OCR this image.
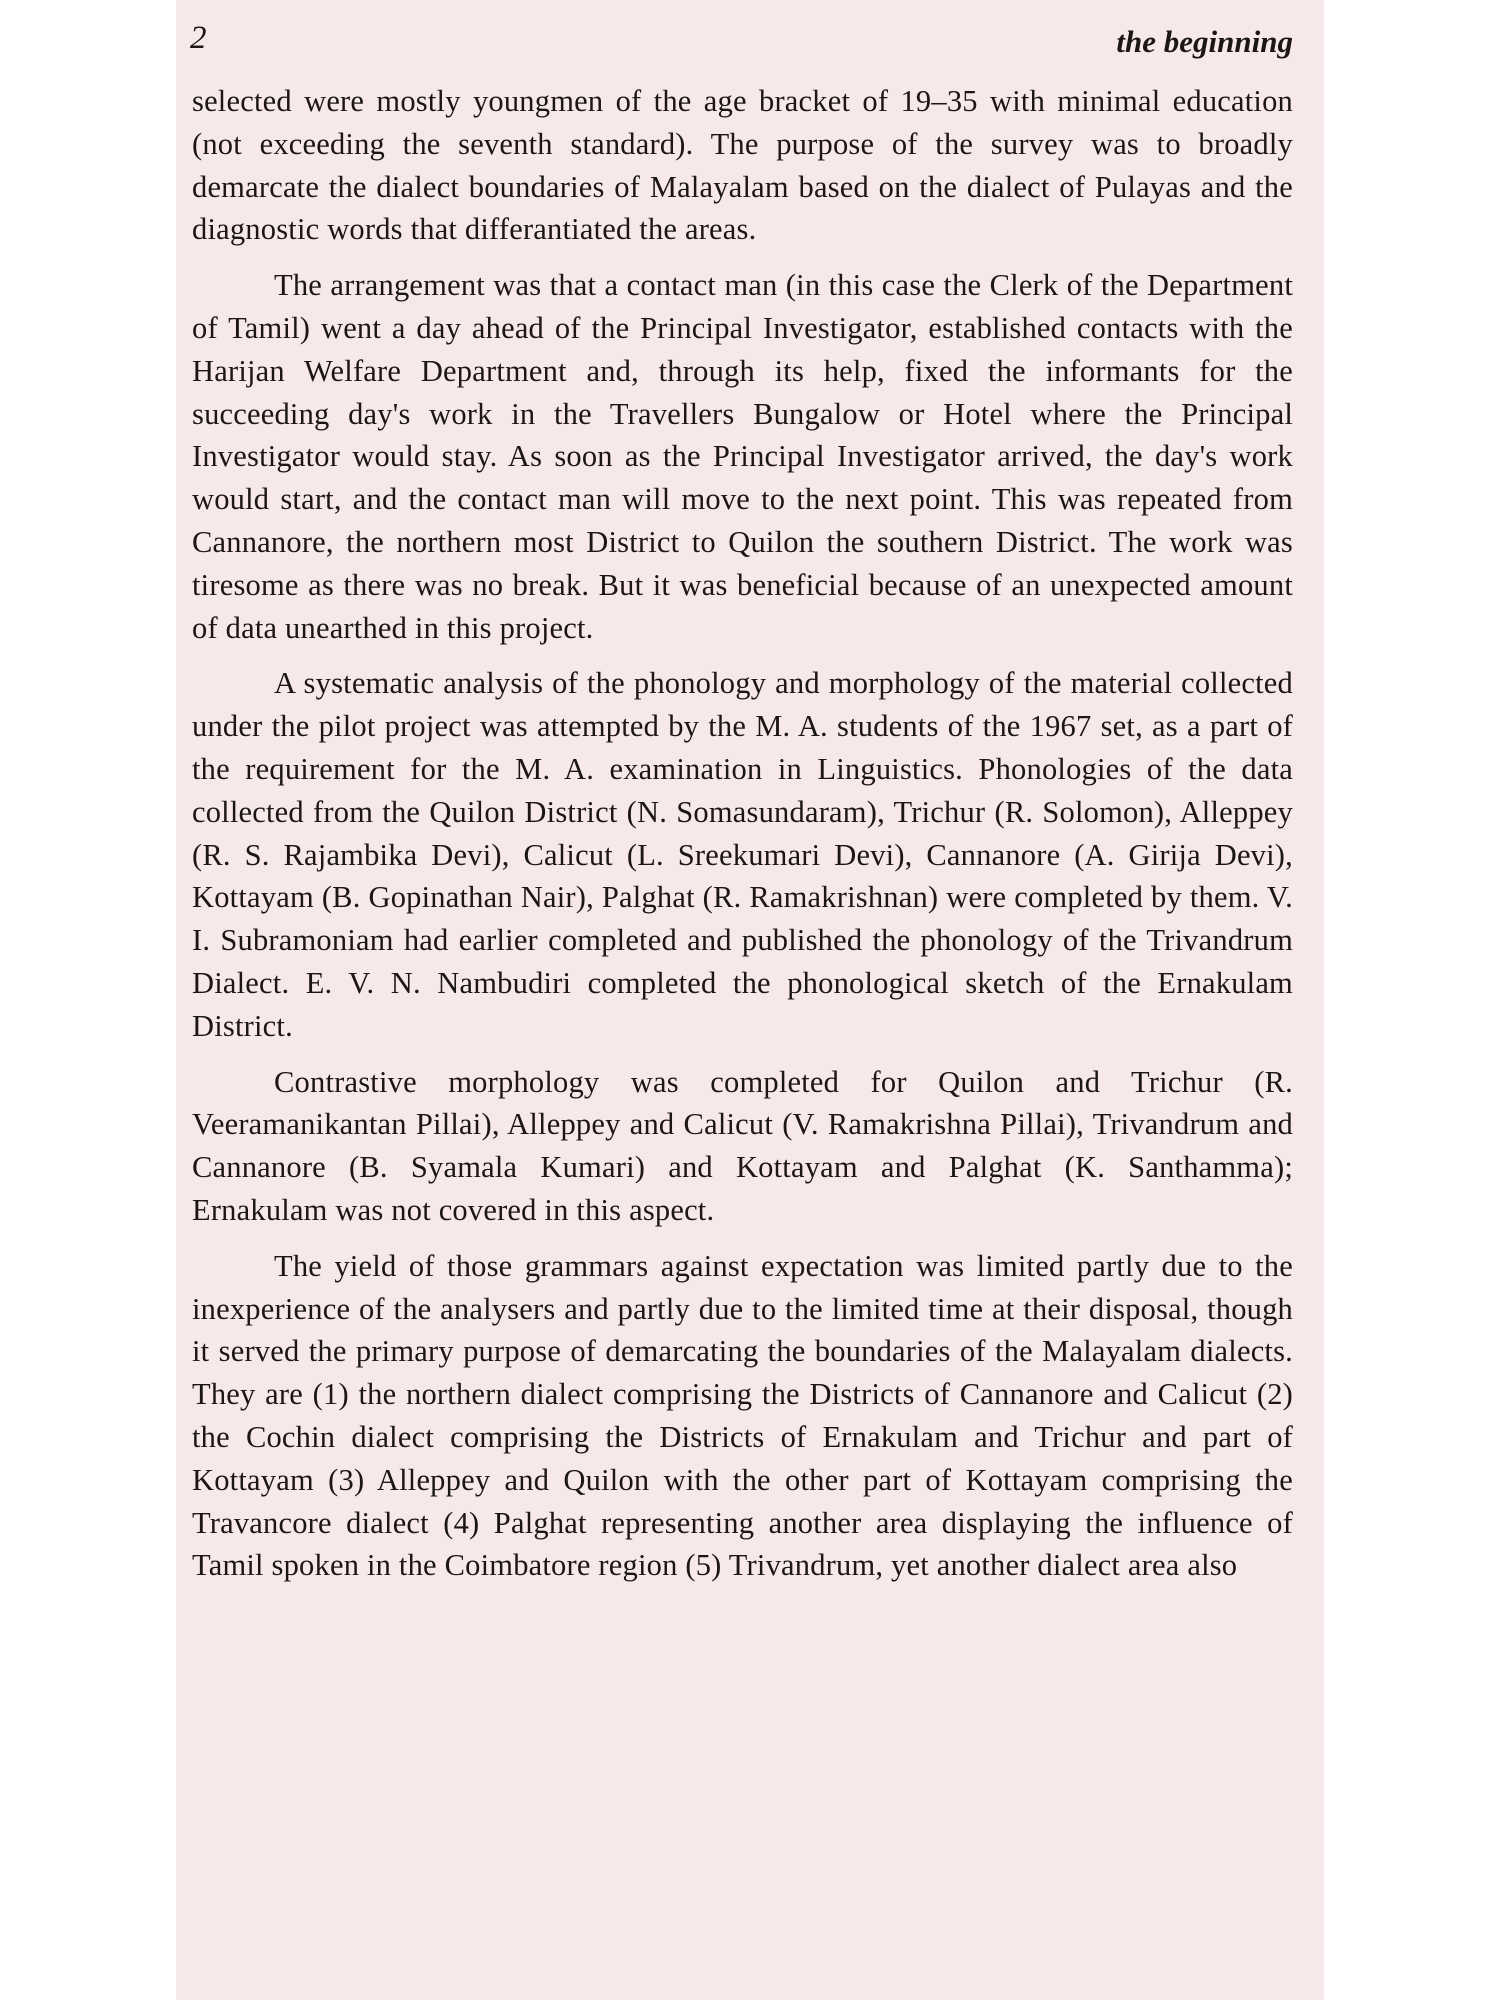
2	the beginning

selected were mostly youngmen of the age bracket of 19–35 with minimal education (not exceeding the seventh standard). The purpose of the survey was to broadly demarcate the dialect boundaries of Malayalam based on the dialect of Pulayas and the diagnostic words that differantiated the areas.

The arrangement was that a contact man (in this case the Clerk of the Department of Tamil) went a day ahead of the Principal Investigator, established contacts with the Harijan Welfare Department and, through its help, fixed the informants for the succeeding day's work in the Travellers Bungalow or Hotel where the Principal Investigator would stay. As soon as the Principal Investigator arrived, the day's work would start, and the contact man will move to the next point. This was repeated from Cannanore, the northern most District to Quilon the southern District. The work was tiresome as there was no break. But it was beneficial because of an unexpected amount of data unearthed in this project.

A systematic analysis of the phonology and morphology of the material collected under the pilot project was attempted by the M. A. students of the 1967 set, as a part of the requirement for the M. A. examination in Linguistics. Phonologies of the data collected from the Quilon District (N. Somasundaram), Trichur (R. Solomon), Alleppey (R. S. Rajambika Devi), Calicut (L. Sreekumari Devi), Cannanore (A. Girija Devi), Kottayam (B. Gopinathan Nair), Palghat (R. Ramakrishnan) were completed by them. V. I. Subramoniam had earlier completed and published the phonology of the Trivandrum Dialect. E. V. N. Nambudiri completed the phonological sketch of the Ernakulam District.

Contrastive morphology was completed for Quilon and Trichur (R. Veeramanikantan Pillai), Alleppey and Calicut (V. Ramakrishna Pillai), Trivandrum and Cannanore (B. Syamala Kumari) and Kottayam and Palghat (K. Santhamma); Ernakulam was not covered in this aspect.

The yield of those grammars against expectation was limited partly due to the inexperience of the analysers and partly due to the limited time at their disposal, though it served the primary purpose of demarcating the boundaries of the Malayalam dialects. They are (1) the northern dialect comprising the Districts of Cannanore and Calicut (2) the Cochin dialect comprising the Districts of Ernakulam and Trichur and part of Kottayam (3) Alleppey and Quilon with the other part of Kottayam comprising the Travancore dialect (4) Palghat representing another area displaying the influence of Tamil spoken in the Coimbatore region (5) Trivandrum, yet another dialect area also
